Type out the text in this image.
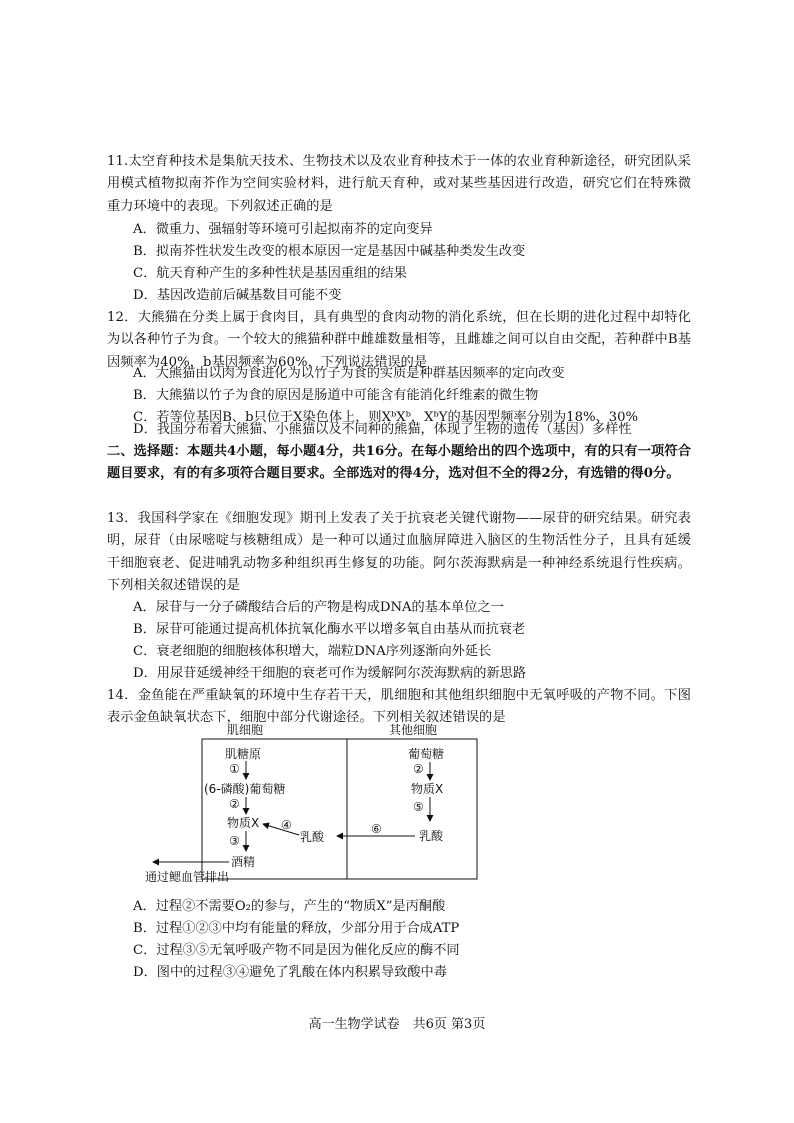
11.太空育种技术是集航天技术、生物技术以及农业育种技术于一体的农业育种新途径，研究团队采用模式植物拟南芥作为空间实验材料，进行航天育种，或对某些基因进行改造，研究它们在特殊微重力环境中的表现。下列叙述正确的是

A．微重力、强辐射等环境可引起拟南芥的定向变异

B．拟南芥性状发生改变的根本原因一定是基因中碱基种类发生改变

C．航天育种产生的多种性状是基因重组的结果

D．基因改造前后碱基数目可能不变

12．大熊猫在分类上属于食肉目，具有典型的食肉动物的消化系统，但在长期的进化过程中却特化为以各种竹子为食。一个较大的熊猫种群中雌雄数量相等，且雌雄之间可以自由交配，若种群中B基因频率为40%，b基因频率为60%，下列说法错误的是

A．大熊猫由以肉为食进化为以竹子为食的实质是种群基因频率的定向改变

B．大熊猫以竹子为食的原因是肠道中可能含有能消化纤维素的微生物

C．若等位基因B、b只位于X染色体上，则XᵇXᵇ，XᵇY的基因型频率分别为18%、30%

D．我国分布着大熊猫、小熊猫以及不同种的熊猫，体现了生物的遗传（基因）多样性

二、选择题：本题共4小题，每小题4分，共16分。在每小题给出的四个选项中，有的只有一项符合题目要求，有的有多项符合题目要求。全部选对的得4分，选对但不全的得2分，有选错的得0分。

13．我国科学家在《细胞发现》期刊上发表了关于抗衰老关键代谢物——尿苷的研究结果。研究表明，尿苷（由尿嘧啶与核糖组成）是一种可以通过血脑屏障进入脑区的生物活性分子，且具有延缓干细胞衰老、促进哺乳动物多种组织再生修复的功能。阿尔茨海默病是一种神经系统退行性疾病。下列相关叙述错误的是

A．尿苷与一分子磷酸结合后的产物是构成DNA的基本单位之一

B．尿苷可能通过提高机体抗氧化酶水平以增多氧自由基从而抗衰老

C．衰老细胞的细胞核体积增大，端粒DNA序列逐渐向外延长

D．用尿苷延缓神经干细胞的衰老可作为缓解阿尔茨海默病的新思路

肌细胞	其他细胞
肌糖原
①
(6-磷酸)葡萄糖
②
物质X
③
酒精
通过鳃血管排出
乳酸
④
葡萄糖
②
物质X
⑤
乳酸
⑥

A．过程②不需要O₂的参与，产生的“物质X”是丙酮酸

B．过程①②③中均有能量的释放，少部分用于合成ATP

C．过程③⑤无氧呼吸产物不同是因为催化反应的酶不同

D．图中的过程③④避免了乳酸在体内积累导致酸中毒

高一生物学试卷　共6页 第3页

14．金鱼能在严重缺氧的环境中生存若干天，肌细胞和其他组织细胞中无氧呼吸的产物不同。下图表示金鱼缺氧状态下，细胞中部分代谢途径。下列相关叙述错误的是
